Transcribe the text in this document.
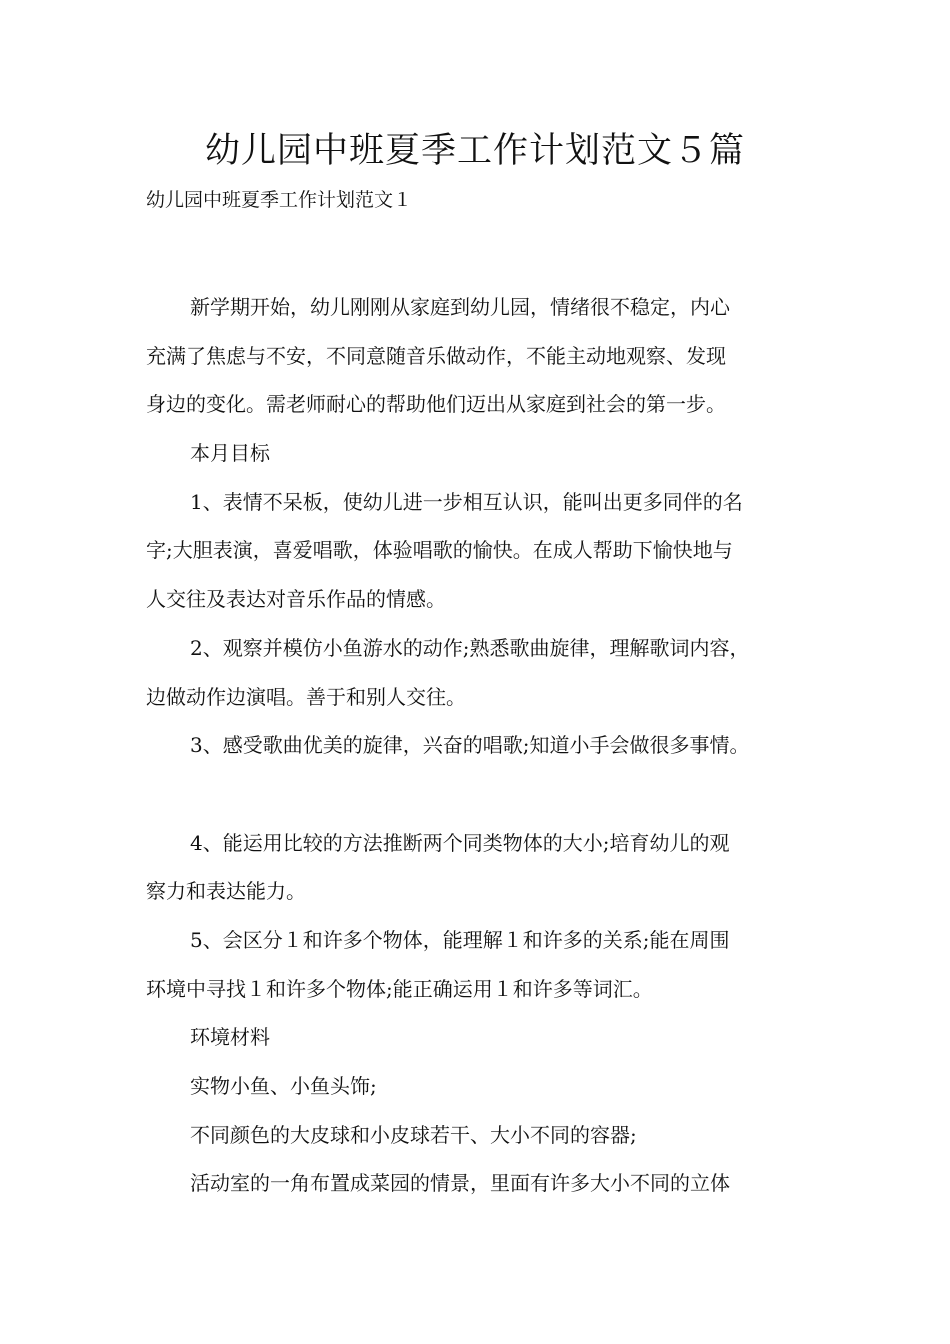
幼儿园中班夏季工作计划范文５篇
幼儿园中班夏季工作计划范文１
新学期开始，幼儿刚刚从家庭到幼儿园，情绪很不稳定，内心
充满了焦虑与不安，不同意随音乐做动作，不能主动地观察、发现
身边的变化。需老师耐心的帮助他们迈出从家庭到社会的第一步。
本月目标
1、表情不呆板，使幼儿进一步相互认识，能叫出更多同伴的名
字;大胆表演，喜爱唱歌，体验唱歌的愉快。在成人帮助下愉快地与
人交往及表达对音乐作品的情感。
2、观察并模仿小鱼游水的动作;熟悉歌曲旋律，理解歌词内容，
边做动作边演唱。善于和别人交往。
3、感受歌曲优美的旋律，兴奋的唱歌;知道小手会做很多事情。
4、能运用比较的方法推断两个同类物体的大小;培育幼儿的观
察力和表达能力。
5、会区分１和许多个物体，能理解１和许多的关系;能在周围
环境中寻找１和许多个物体;能正确运用１和许多等词汇。
环境材料
实物小鱼、小鱼头饰;
不同颜色的大皮球和小皮球若干、大小不同的容器;
活动室的一角布置成菜园的情景，里面有许多大小不同的立体
